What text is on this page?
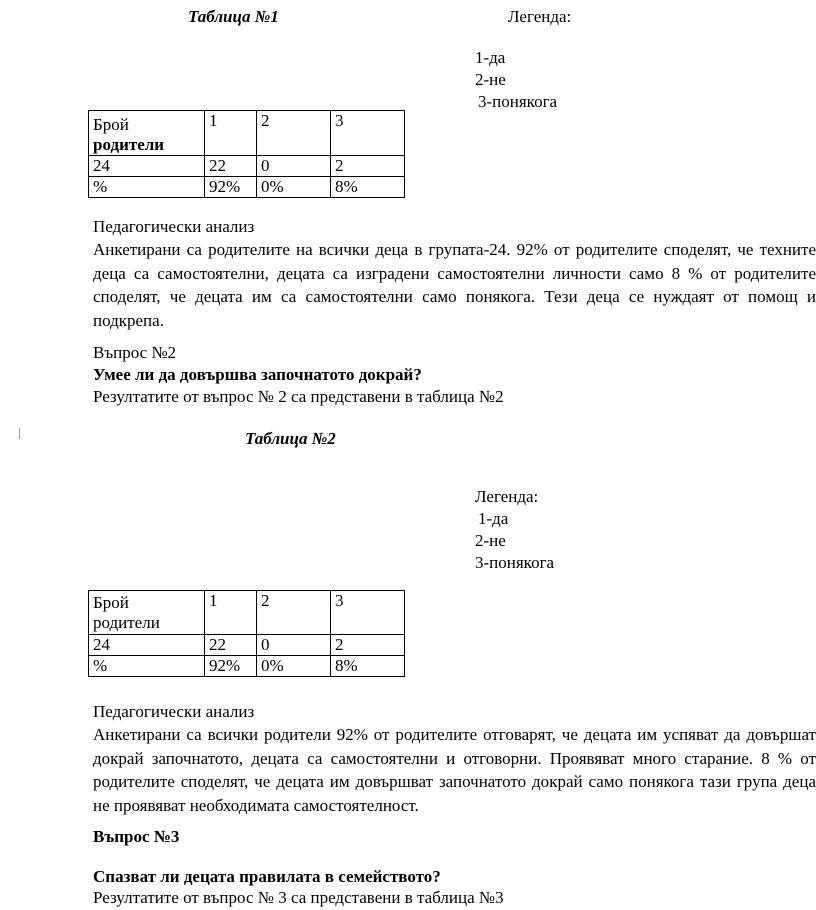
Таблица №1	Легенда:
1-да
2-не
3-понякога
Брой
родители	1	2	3
24	22	0	2
%	92%	0%	8%
Педагогически анализ
Анкетирани са родителите на всички деца в групата-24. 92% от родителите споделят, че техните деца са самостоятелни, децата са изградени самостоятелни личности само 8 % от родителите споделят, че децата им са самостоятелни само понякога. Тези деца се нуждаят от помощ и подкрепа.
Въпрос №2
Умее ли да довършва започнатото докрай?
Резултатите от въпрос № 2 са представени в таблица №2
Таблица №2
Легенда:
1-да
2-не
3-понякога
Брой
родители	1	2	3
24	22	0	2
%	92%	0%	8%
Педагогически анализ
Анкетирани са всички родители 92% от родителите отговарят, че децата им успяват да довършат докрай започнатото, децата са самостоятелни и отговорни. Проявяват много старание. 8 % от родителите споделят, че децата им довършват започнатото докрай само понякога тази група деца не проявяват необходимата самостоятелност.
Въпрос №3
Спазват ли децата правилата в семейството?
Резултатите от въпрос № 3 са представени в таблица №3
